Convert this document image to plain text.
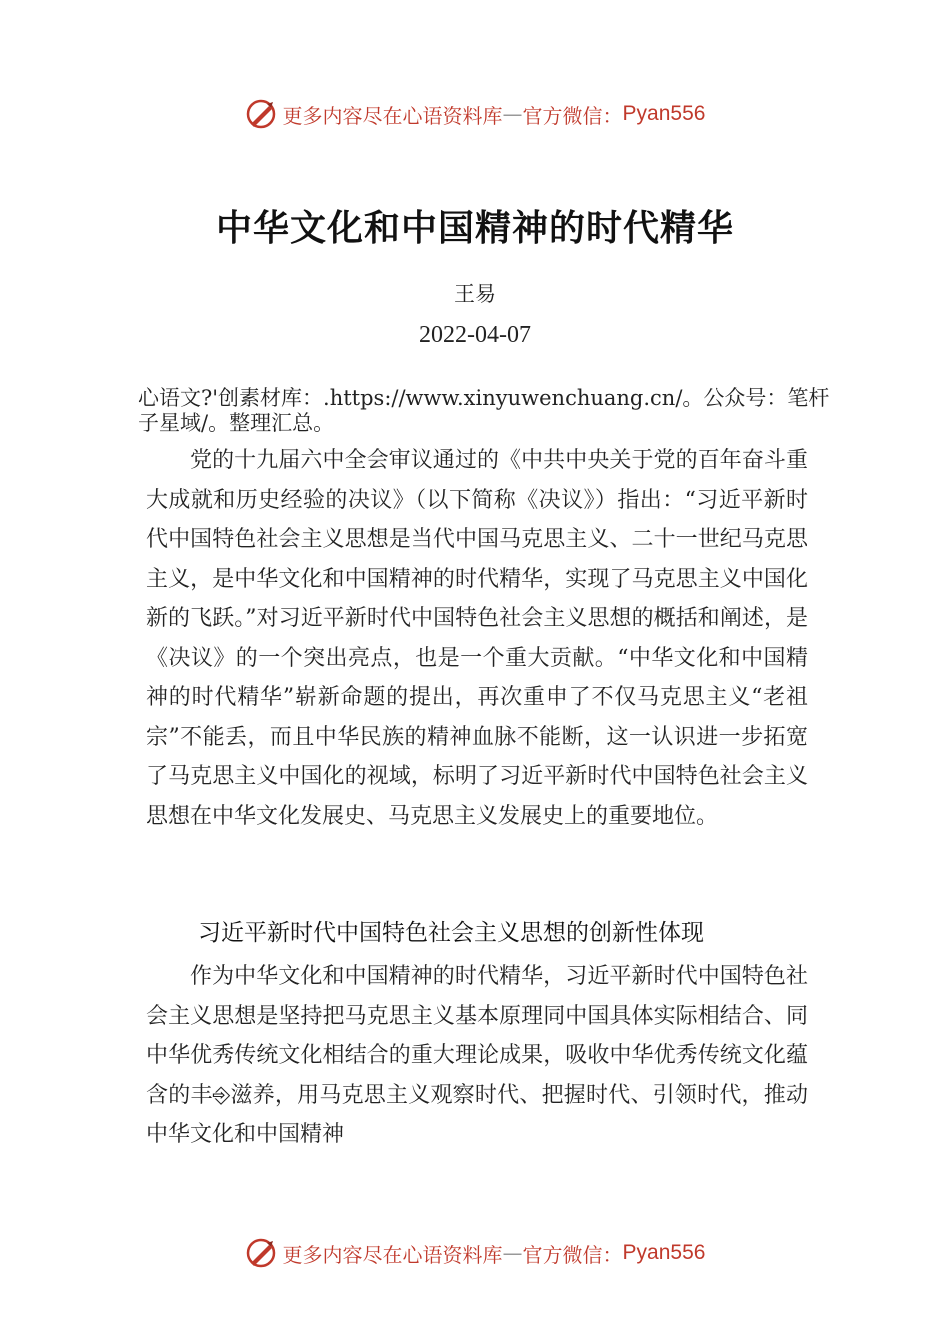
更多内容尽在心语资料库 — 官方微信： Pyan556
中华文化和中国精神的时代精华
王易
2022-04-07
心语文?'创素材库：.https://www.xinyuwenchuang.cn/。公众号：笔杆子星域/。整理汇总。

党的十九届六中全会审议通过的《中共中央关于党的百年奋斗重大成就和历史经验的决议》（以下简称《决议》）指出：“习近平新时代中国特色社会主义思想是当代中国马克思主义、二十一世纪马克思主义，是中华文化和中国精神的时代精华，实现了马克思主义中国化新的飞跃。”对习近平新时代中国特色社会主义思想的概括和阐述，是《决议》的一个突出亮点，也是一个重大贡献。“中华文化和中国精神的时代精华”崭新命题的提出，再次重申了不仅马克思主义“老祖宗”不能丢，而且中华民族的精神血脉不能断，这一认识进一步拓宽了马克思主义中国化的视域，标明了习近平新时代中国特色社会主义思想在中华文化发展史、马克思主义发展史上的重要地位。

习近平新时代中国特色社会主义思想的创新性体现

作为中华文化和中国精神的时代精华，习近平新时代中国特色社会主义思想是坚持把马克思主义基本原理同中国具体实际相结合、同中华优秀传统文化相结合的重大理论成果，吸收中华优秀传统文化蕴含的丰⎆滋养，用马克思主义观察时代、把握时代、引领时代，推动中华文化和中国精神

更多内容尽在心语资料库 — 官方微信： Pyan556
